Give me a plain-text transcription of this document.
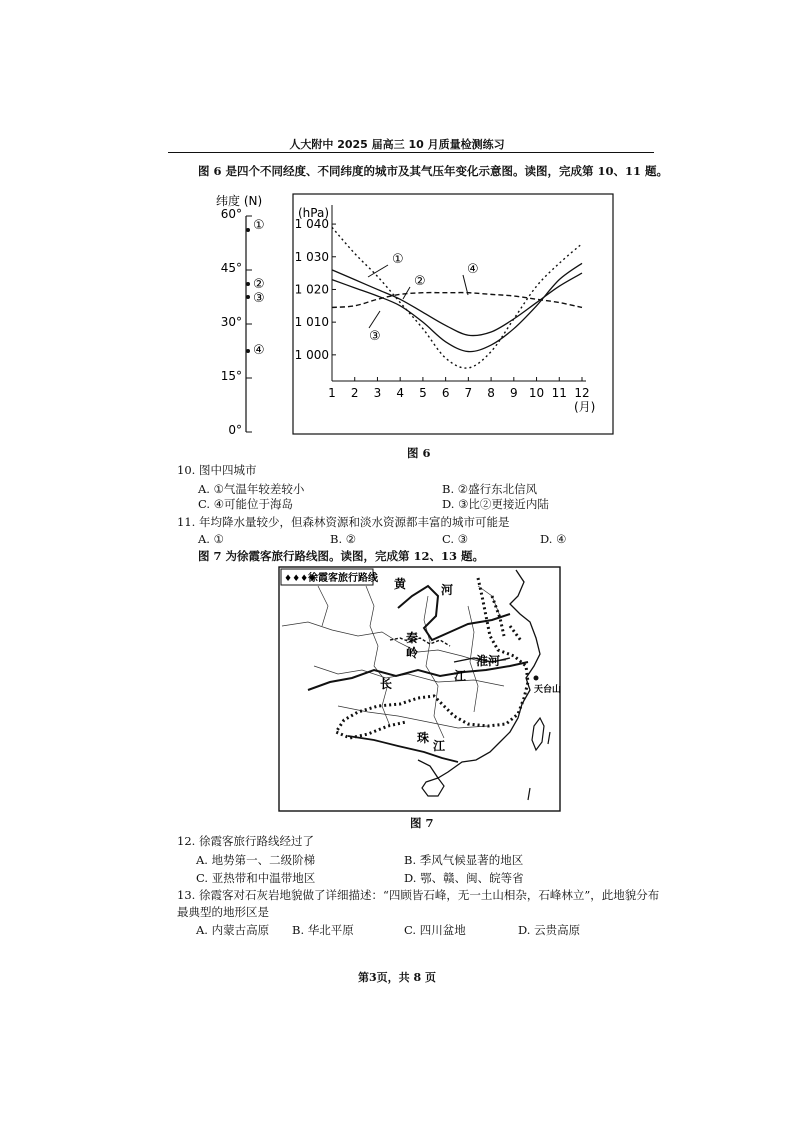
人大附中 2025 届高三 10 月质量检测练习
图 6 是四个不同经度、不同纬度的城市及其气压年变化示意图。读图，完成第 10、11 题。
纬度 (N)
60°
45°
30°
15°
0°
①
②
③
④
(hPa)
(月)
1 040
1 030
1 020
1 010
1 000
1 2 3 4 5 6 7 8 9 10 11 12
①
②
③
④
图 6
10. 图中四城市
A. ①气温年较差较小	B. ②盛行东北信风
C. ④可能位于海岛	D. ③比②更接近内陆
11. 年均降水量较少，但森林资源和淡水资源都丰富的城市可能是
A. ①	B. ②	C. ③	D. ④
图 7 为徐霞客旅行路线图。读图，完成第 12、13 题。
♦♦♦♦
徐霞客旅行路线 黄	河
秦
岭
淮河
江
长
珠
江
天台山
图 7
12. 徐霞客旅行路线经过了
A. 地势第一、二级阶梯	B. 季风气候显著的地区
C. 亚热带和中温带地区	D. 鄂、赣、闽、皖等省
13. 徐霞客对石灰岩地貌做了详细描述：“四顾皆石峰，无一土山相杂，石峰林立”，此地貌分布
最典型的地形区是
A. 内蒙古高原 B. 华北平原	C. 四川盆地	D. 云贵高原
第3页，共 8 页
